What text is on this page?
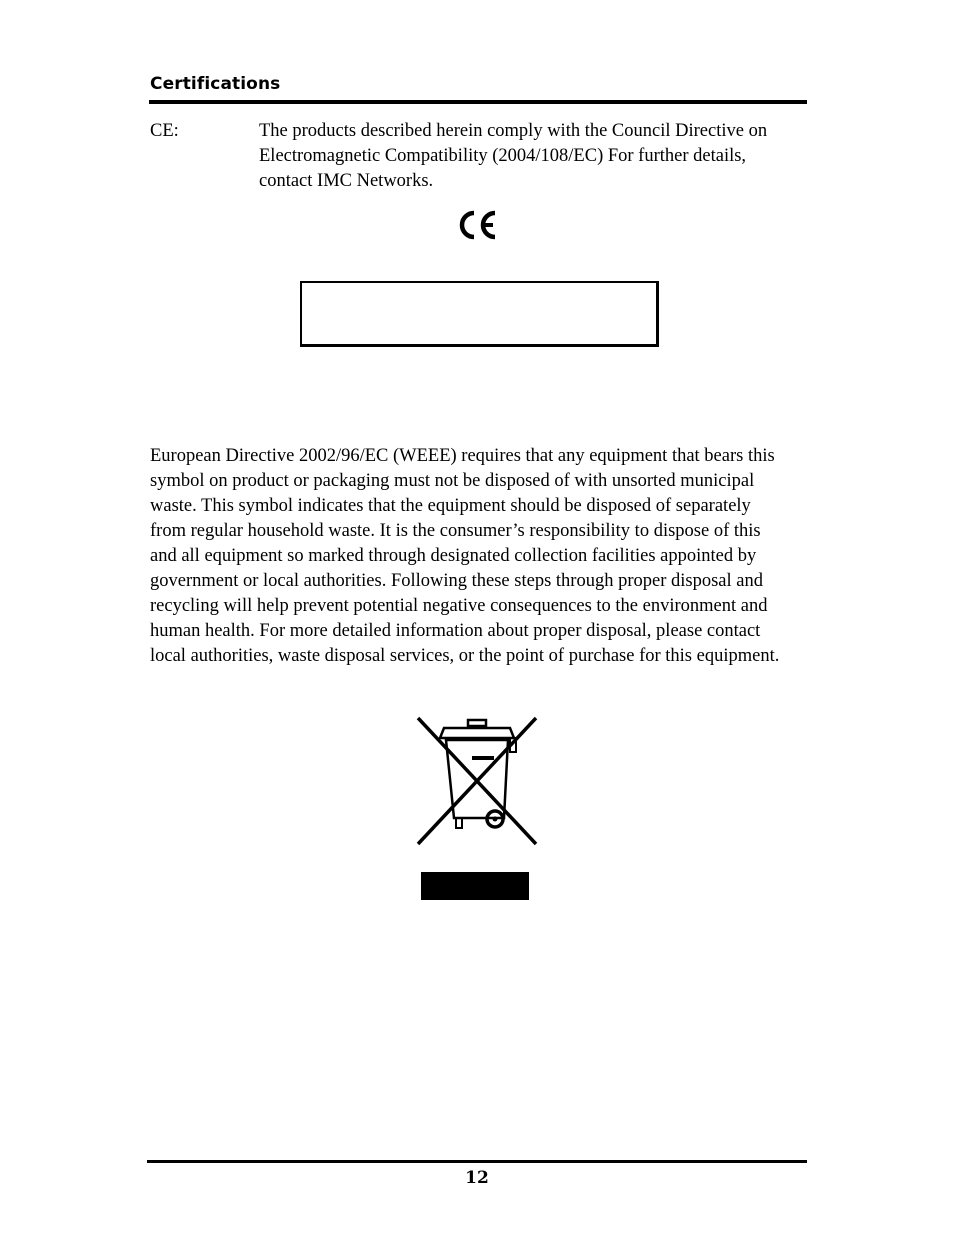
Certifications
CE:	The products described herein comply with the Council Directive on Electromagnetic Compatibility (2004/108/EC) For further details, contact IMC Networks.
European Directive 2002/96/EC (WEEE) requires that any equipment that bears this
symbol on product or packaging must not be disposed of with unsorted municipal
waste. This symbol indicates that the equipment should be disposed of separately
from regular household waste. It is the consumer’s responsibility to dispose of this
and all equipment so marked through designated collection facilities appointed by
government or local authorities. Following these steps through proper disposal and
recycling will help prevent potential negative consequences to the environment and
human health. For more detailed information about proper disposal, please contact
local authorities, waste disposal services, or the point of purchase for this equipment.
12
